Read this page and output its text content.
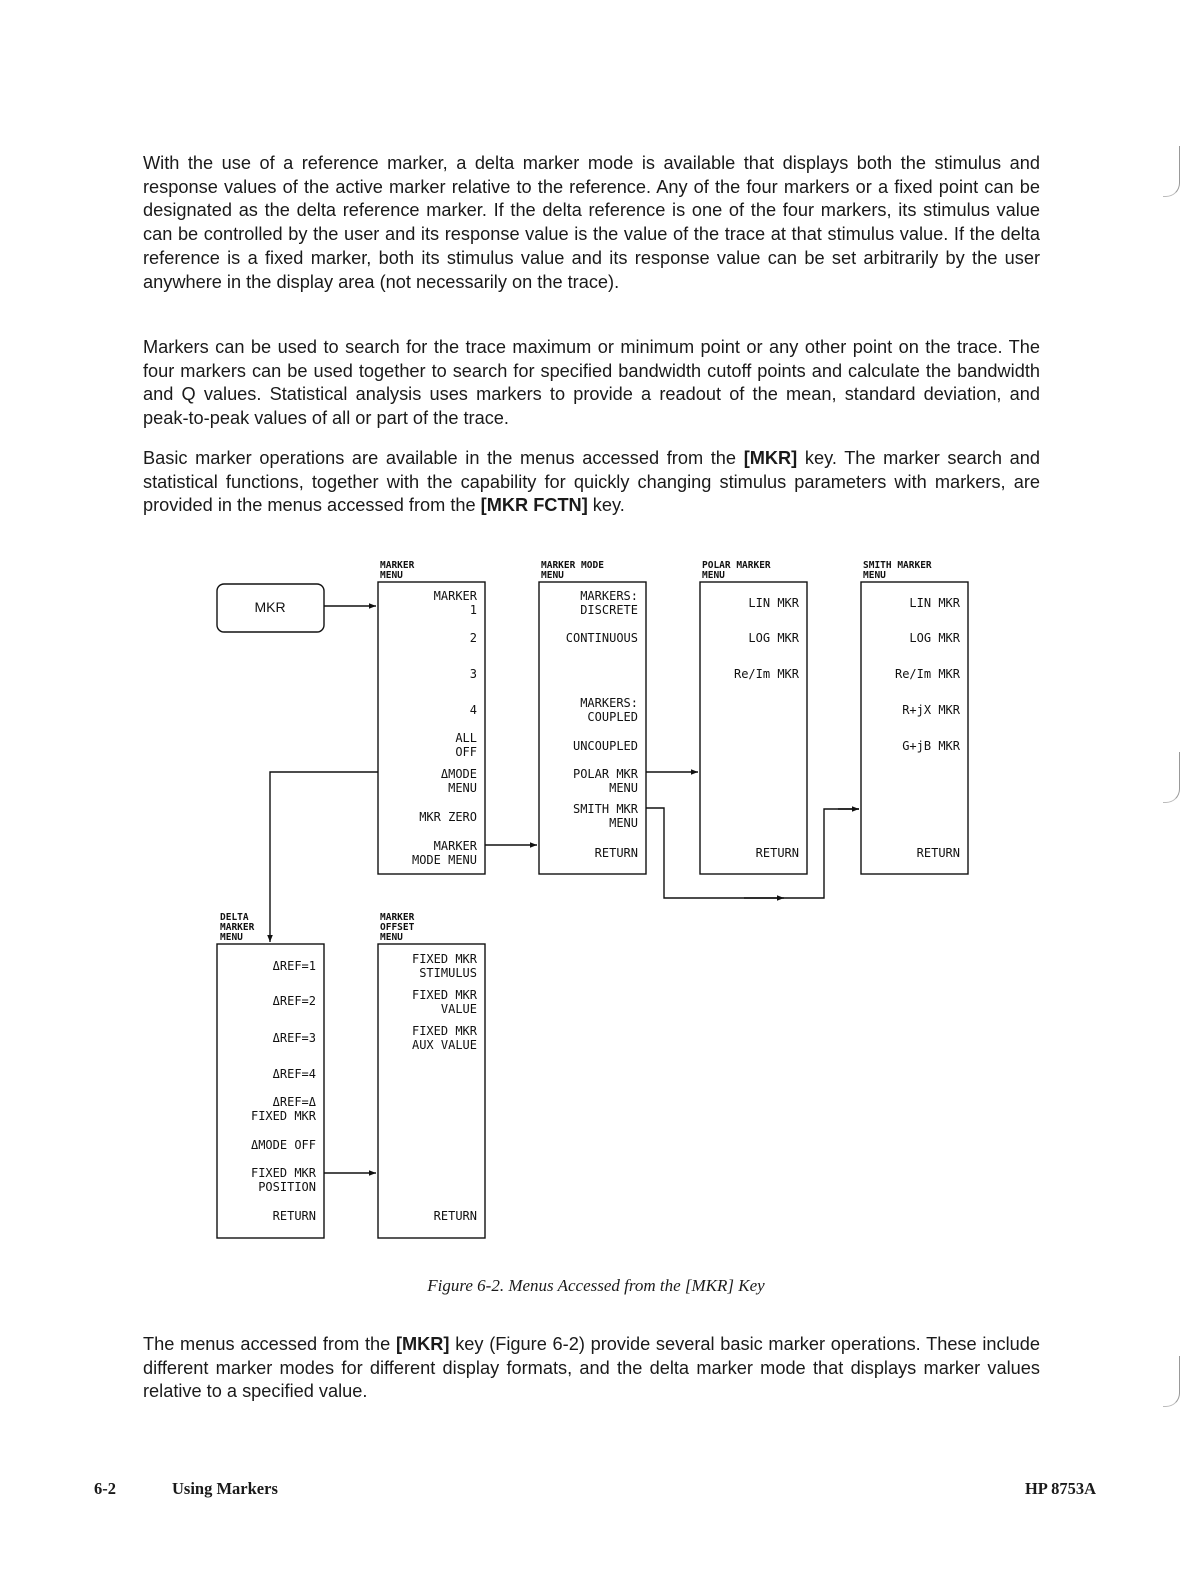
With the use of a reference marker, a delta marker mode is available that displays both the stimulus and response values of the active marker relative to the reference. Any of the four markers or a fixed point can be designated as the delta reference marker. If the delta reference is one of the four markers, its stimulus value can be controlled by the user and its response value is the value of the trace at that stimulus value. If the delta reference is a fixed marker, both its stimulus value and its response value can be set arbitrarily by the user anywhere in the display area (not necessarily on the trace).

Markers can be used to search for the trace maximum or minimum point or any other point on the trace. The four markers can be used together to search for specified bandwidth cutoff points and calculate the bandwidth and Q values. Statistical analysis uses markers to provide a readout of the mean, standard deviation, and peak-to-peak values of all or part of the trace.

Basic marker operations are available in the menus accessed from the [MKR] key. The marker search and statistical functions, together with the capability for quickly changing stimulus parameters with markers, are provided in the menus accessed from the [MKR FCTN] key.

MKR
MARKER
MENU
MARKER MODE
MENU
POLAR MARKER
MENU
SMITH MARKER
MENU
DELTA
MARKER
MENU
MARKER
OFFSET
MENU
MARKER
1
2
3
4
ALL
OFF
ΔMODE
MENU
MKR ZERO
MARKER
MODE MENU
MARKERS:
DISCRETE
CONTINUOUS
MARKERS:
COUPLED
UNCOUPLED
POLAR MKR
MENU
SMITH MKR
MENU
RETURN
LIN MKR
LOG MKR
Re/Im MKR
RETURN
LIN MKR
LOG MKR
Re/Im MKR
R+jX MKR
G+jB MKR
RETURN
ΔREF=1
ΔREF=2
ΔREF=3
ΔREF=4
ΔREF=Δ
FIXED MKR
ΔMODE OFF
FIXED MKR
POSITION
RETURN
FIXED MKR
STIMULUS
FIXED MKR
VALUE
FIXED MKR
AUX VALUE
RETURN
Figure 6-2. Menus Accessed from the [MKR] Key

The menus accessed from the [MKR] key (Figure 6-2) provide several basic marker operations. These include different marker modes for different display formats, and the delta marker mode that displays marker values relative to a specified value.

6-2	Using Markers	HP 8753A
